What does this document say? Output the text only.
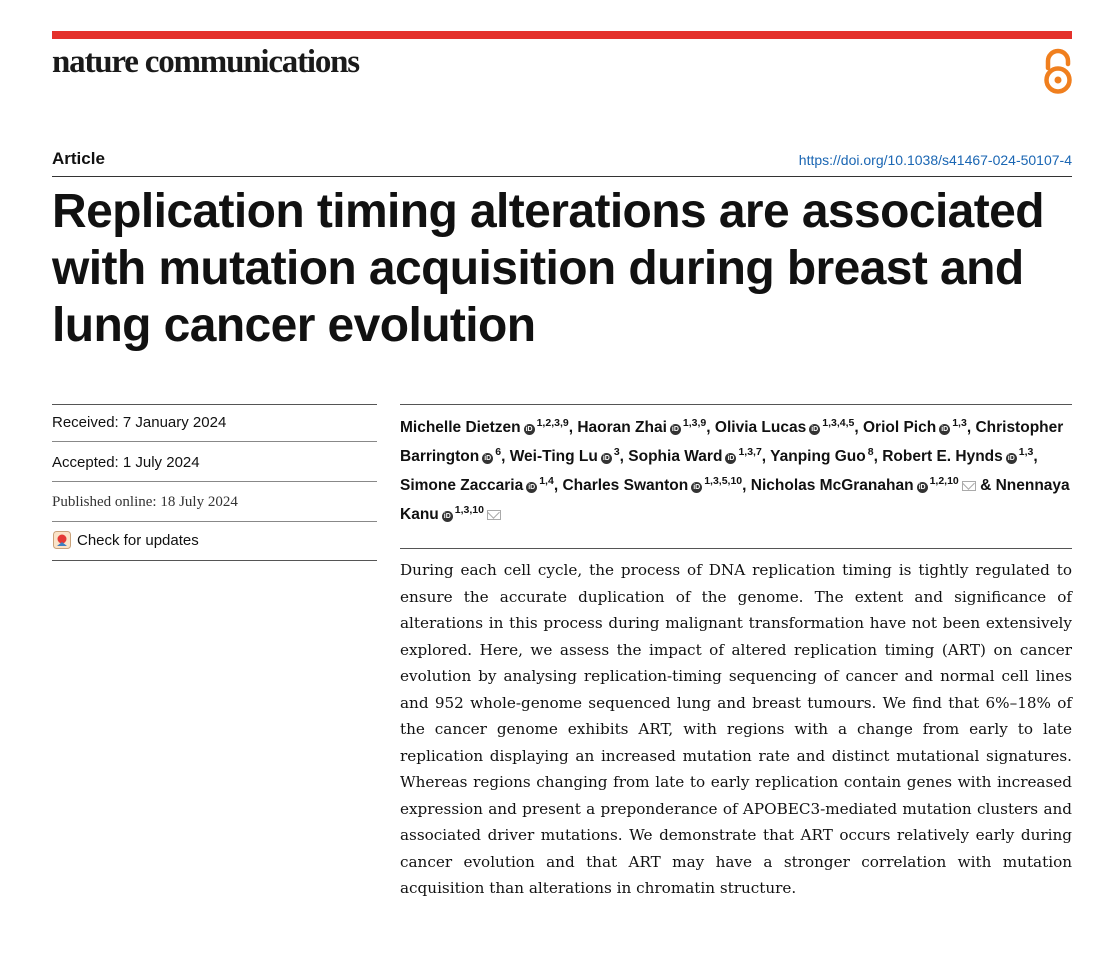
nature communications
Article	https://doi.org/10.1038/s41467-024-50107-4
Replication timing alterations are associated with mutation acquisition during breast and lung cancer evolution
Received: 7 January 2024
Accepted: 1 July 2024
Published online: 18 July 2024
Check for updates
Michelle Dietzen iD$^{1,2,3,9}$, Haoran Zhai iD$^{1,3,9}$, Olivia Lucas iD$^{1,3,4,5}$, Oriol Pich iD$^{1,3}$, Christopher Barrington iD$^6$, Wei-Ting Lu iD$^3$, Sophia Ward iD$^{1,3,7}$, Yanping Guo $^8$, Robert E. Hynds iD$^{1,3}$, Simone Zaccaria iD$^{1,4}$, Charles Swanton iD$^{1,3,5,10}$, Nicholas McGranahan iD$^{1,2,10}$ & Nnennaya Kanu iD$^{1,3,10}$

During each cell cycle, the process of DNA replication timing is tightly regulated to ensure the accurate duplication of the genome. The extent and significance of alterations in this process during malignant transformation have not been extensively explored. Here, we assess the impact of altered replication timing (ART) on cancer evolution by analysing replication-timing sequencing of cancer and normal cell lines and 952 whole-genome sequenced lung and breast tumours. We find that 6%–18% of the cancer genome exhibits ART, with regions with a change from early to late replication displaying an increased mutation rate and distinct mutational signatures. Whereas regions changing from late to early replication contain genes with increased expression and present a preponderance of APOBEC3-mediated mutation clusters and associated driver mutations. We demonstrate that ART occurs relatively early during cancer evolution and that ART may have a stronger correlation with mutation acquisition than alterations in chromatin structure.
